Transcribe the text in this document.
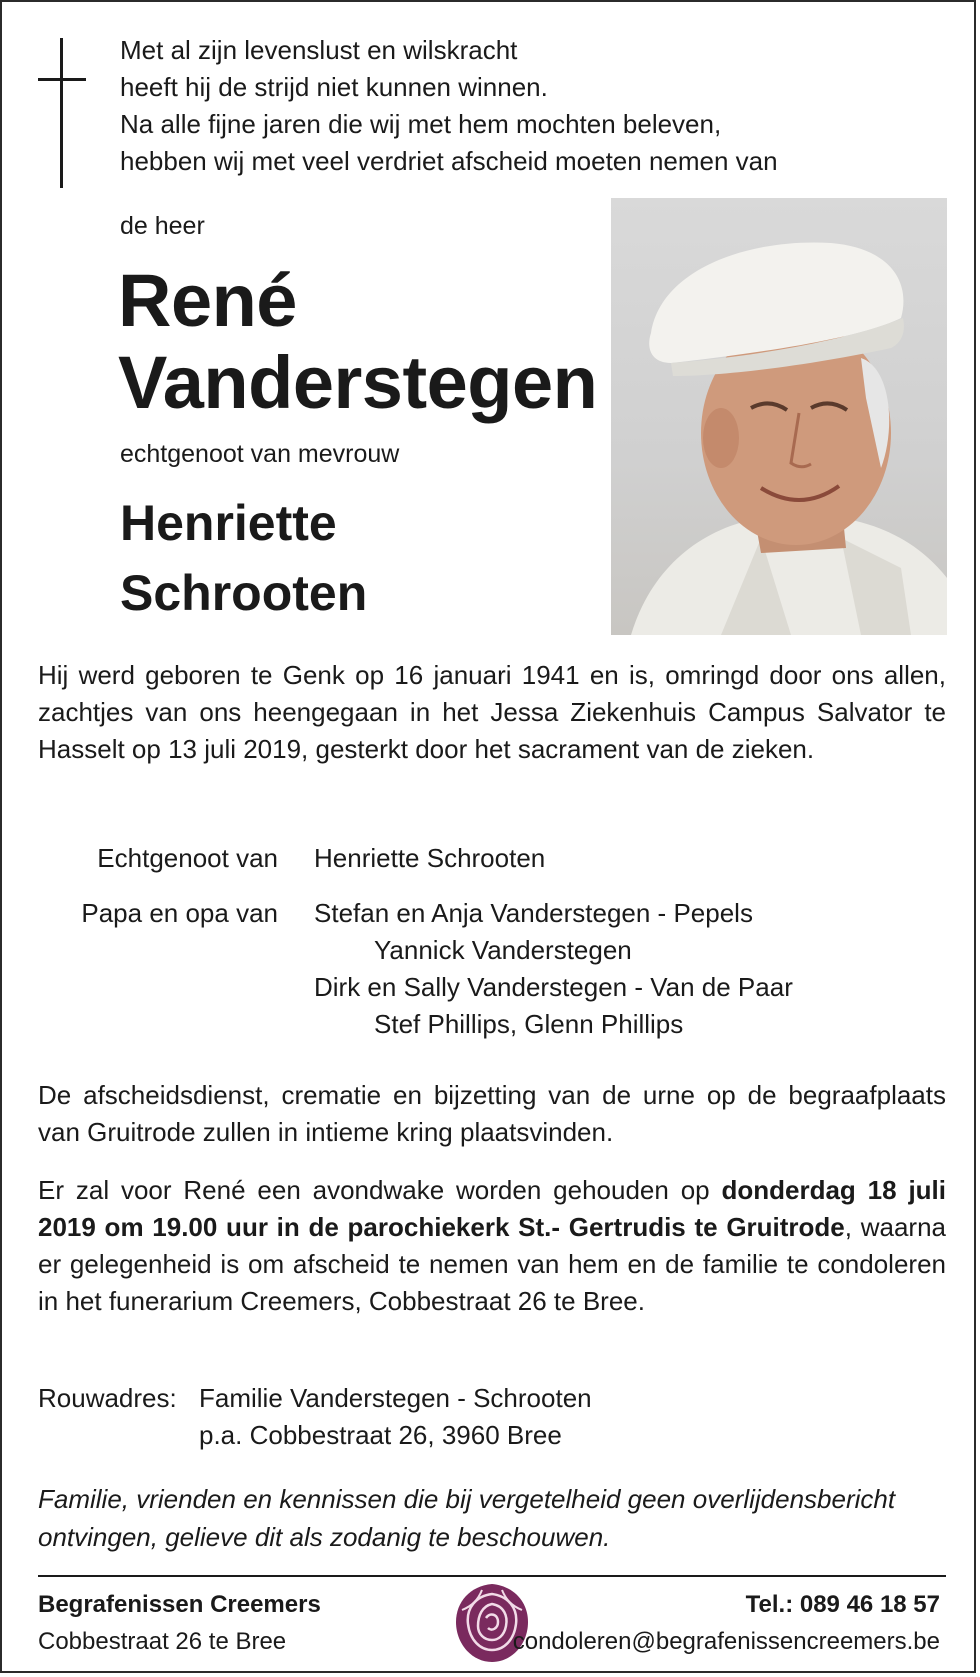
Met al zijn levenslust en wilskracht
heeft hij de strijd niet kunnen winnen.
Na alle fijne jaren die wij met hem mochten beleven,
hebben wij met veel verdriet afscheid moeten nemen van
de heer
René
Vanderstegen
echtgenoot van mevrouw
Henriette
Schrooten

Hij werd geboren te Genk op 16 januari 1941 en is, omringd door ons allen, zachtjes van ons heengegaan in het Jessa Ziekenhuis Campus Salvator te Hasselt op 13 juli 2019, gesterkt door het sacrament van de zieken.

Echtgenoot van Henriette Schrooten
Papa en opa van Stefan en Anja Vanderstegen - Pepels
Yannick Vanderstegen
Dirk en Sally Vanderstegen - Van de Paar
Stef Phillips, Glenn Phillips

De afscheidsdienst, crematie en bijzetting van de urne op de begraafplaats van Gruitrode zullen in intieme kring plaatsvinden.

Er zal voor René een avondwake worden gehouden op donderdag 18 juli 2019 om 19.00 uur in de parochiekerk St.- Gertrudis te Gruitrode, waarna er gelegenheid is om afscheid te nemen van hem en de familie te condoleren in het funerarium Creemers, Cobbestraat 26 te Bree.

Rouwadres: Familie Vanderstegen - Schrooten
p.a. Cobbestraat 26, 3960 Bree
Familie, vrienden en kennissen die bij vergetelheid geen overlijdensbericht
ontvingen, gelieve dit als zodanig te beschouwen.
Begrafenissen Creemers
Cobbestraat 26 te Bree
Tel.: 089 46 18 57
condoleren@begrafenissencreemers.be
